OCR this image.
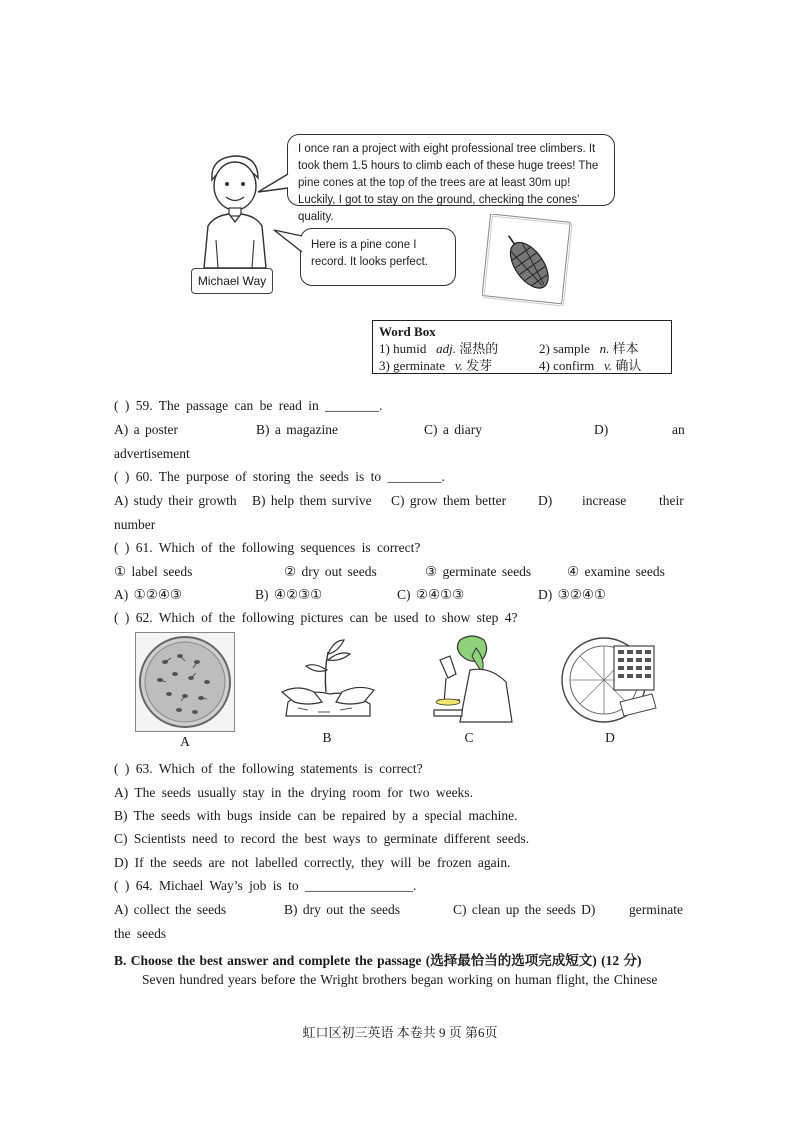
I once ran a project with eight professional tree climbers. It took them 1.5 hours to climb each of these huge trees! The pine cones at the top of the trees are at least 30m up! Luckily, I got to stay on the ground, checking the cones’ quality.
Here is a pine cone I record. It looks perfect.
Michael Way
Word Box
1) humid adj. 湿热的	2) sample n. 样本
3) germinate v. 发芽	4) confirm v. 确认
( ) 59. The passage can be read in ________.
A) a poster	B) a magazine	C) a diary	D)	an
advertisement
( ) 60. The purpose of storing the seeds is to ________.
A) study their growth B) help them survive C) grow them better D) increase their
number
( ) 61. Which of the following sequences is correct?
① label seeds	② dry out seeds	③ germinate seeds	④ examine seeds
A) ①②④③	B) ④②③①	C) ②④①③	D) ③②④①
( ) 62. Which of the following pictures can be used to show step 4?
A	B	C	D
( ) 63. Which of the following statements is correct?
A) The seeds usually stay in the drying room for two weeks.
B) The seeds with bugs inside can be repaired by a special machine.
C) Scientists need to record the best ways to germinate different seeds.
D) If the seeds are not labelled correctly, they will be frozen again.
( ) 64. Michael Way’s job is to ________________.
A) collect the seeds	B) dry out the seeds	C) clean up the seeds D) germinate
the seeds
B. Choose the best answer and complete the passage (选择最恰当的选项完成短文) (12 分)
Seven hundred years before the Wright brothers began working on human flight, the Chinese
虹口区初三英语 本卷共 9 页 第6页
